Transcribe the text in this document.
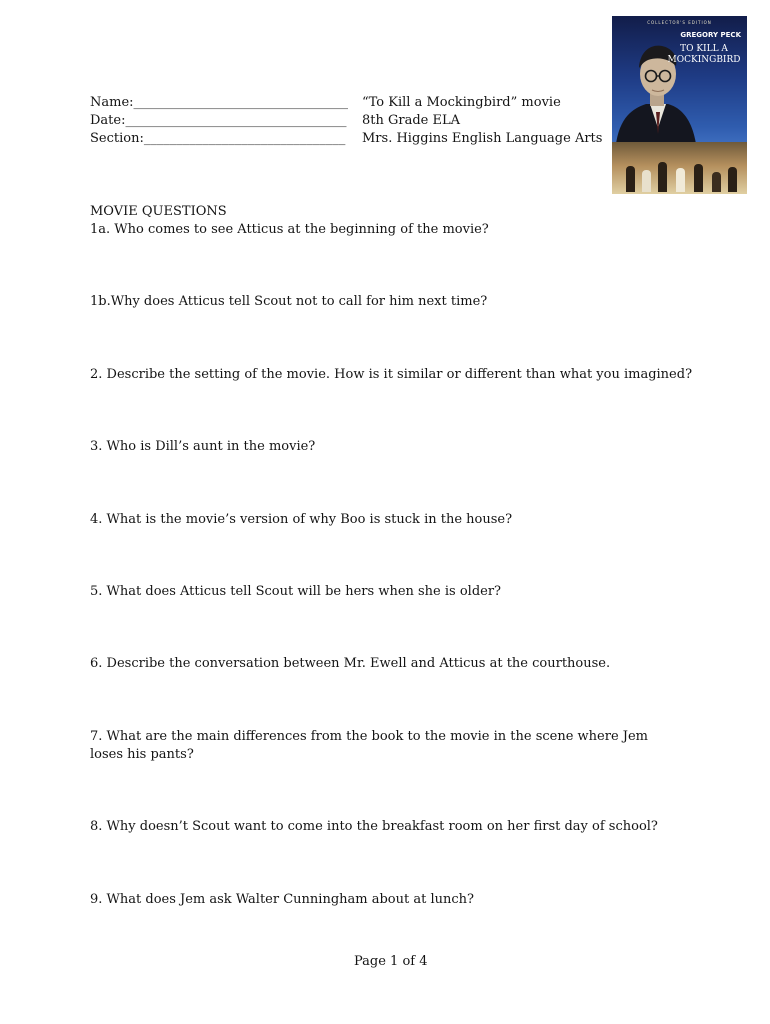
Name:_________________________________
Date:__________________________________
Section:_______________________________
“To Kill a Mockingbird” movie
8th Grade ELA
Mrs. Higgins English Language Arts
COLLECTOR'S EDITION
GREGORY PECK
TO KILL A
MOCKINGBIRD
MOVIE QUESTIONS
1a. Who comes to see Atticus at the beginning of the movie?
1b.Why does Atticus tell Scout not to call for him next time?
2. Describe the setting of the movie. How is it similar or different than what you imagined?
3. Who is Dill’s aunt in the movie?
4. What is the movie’s version of why Boo is stuck in the house?
5. What does Atticus tell Scout will be hers when she is older?
6. Describe the conversation between Mr. Ewell and Atticus at the courthouse.
7. What are the main differences from the book to the movie in the scene where Jem loses his pants?
8. Why doesn’t Scout want to come into the breakfast room on her first day of school?
9. What does Jem ask Walter Cunningham about at lunch?
Page 1 of 4
